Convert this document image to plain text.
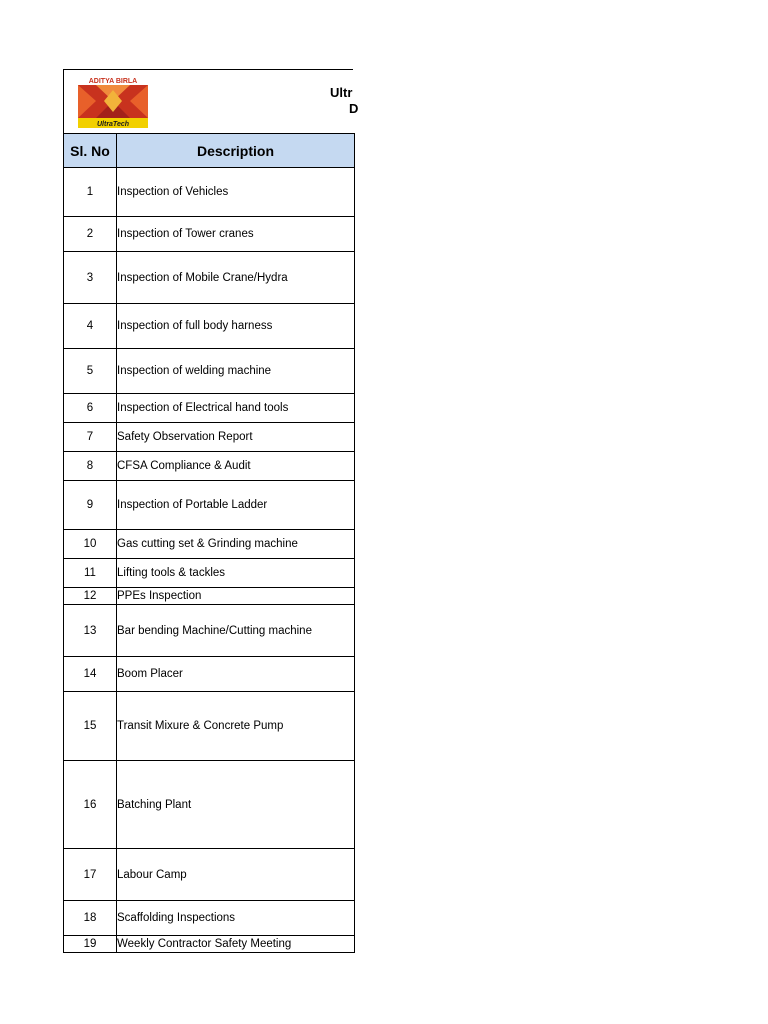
ADITYA BIRLA
UltraTech
Ultr
D
Sl. No	Description
1	Inspection of Vehicles
2	Inspection of Tower cranes
3	Inspection of Mobile Crane/Hydra
4	Inspection of full body harness
5	Inspection of welding machine
6	Inspection of Electrical hand tools
7	Safety Observation Report
8	CFSA Compliance & Audit
9	Inspection of Portable Ladder
10	Gas cutting set & Grinding machine
11	Lifting tools & tackles
12	PPEs Inspection
13	Bar bending Machine/Cutting machine
14	Boom Placer
15	Transit Mixure & Concrete Pump
16	Batching Plant
17	Labour Camp
18	Scaffolding Inspections
19	Weekly Contractor Safety Meeting
